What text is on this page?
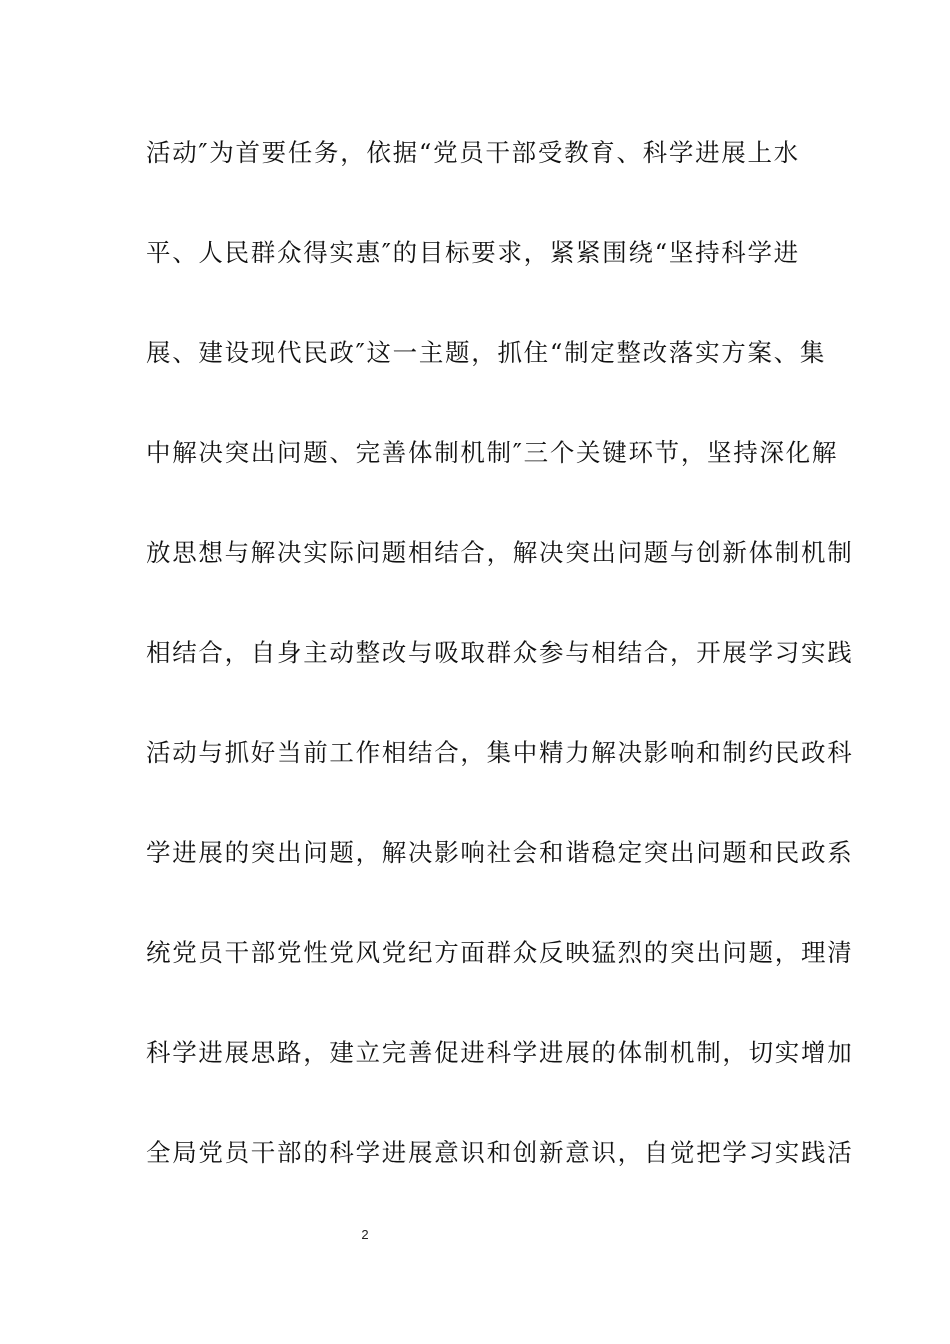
活动″为首要任务，依据“党员干部受教育、科学进展上水
平、人民群众得实惠″的目标要求，紧紧围绕“坚持科学进
展、建设现代民政″这一主题，抓住“制定整改落实方案、集
中解决突出问题、完善体制机制″三个关键环节，坚持深化解
放思想与解决实际问题相结合，解决突出问题与创新体制机制
相结合，自身主动整改与吸取群众参与相结合，开展学习实践
活动与抓好当前工作相结合，集中精力解决影响和制约民政科
学进展的突出问题，解决影响社会和谐稳定突出问题和民政系
统党员干部党性党风党纪方面群众反映猛烈的突出问题，理清
科学进展思路，建立完善促进科学进展的体制机制，切实增加
全局党员干部的科学进展意识和创新意识，自觉把学习实践活
2
